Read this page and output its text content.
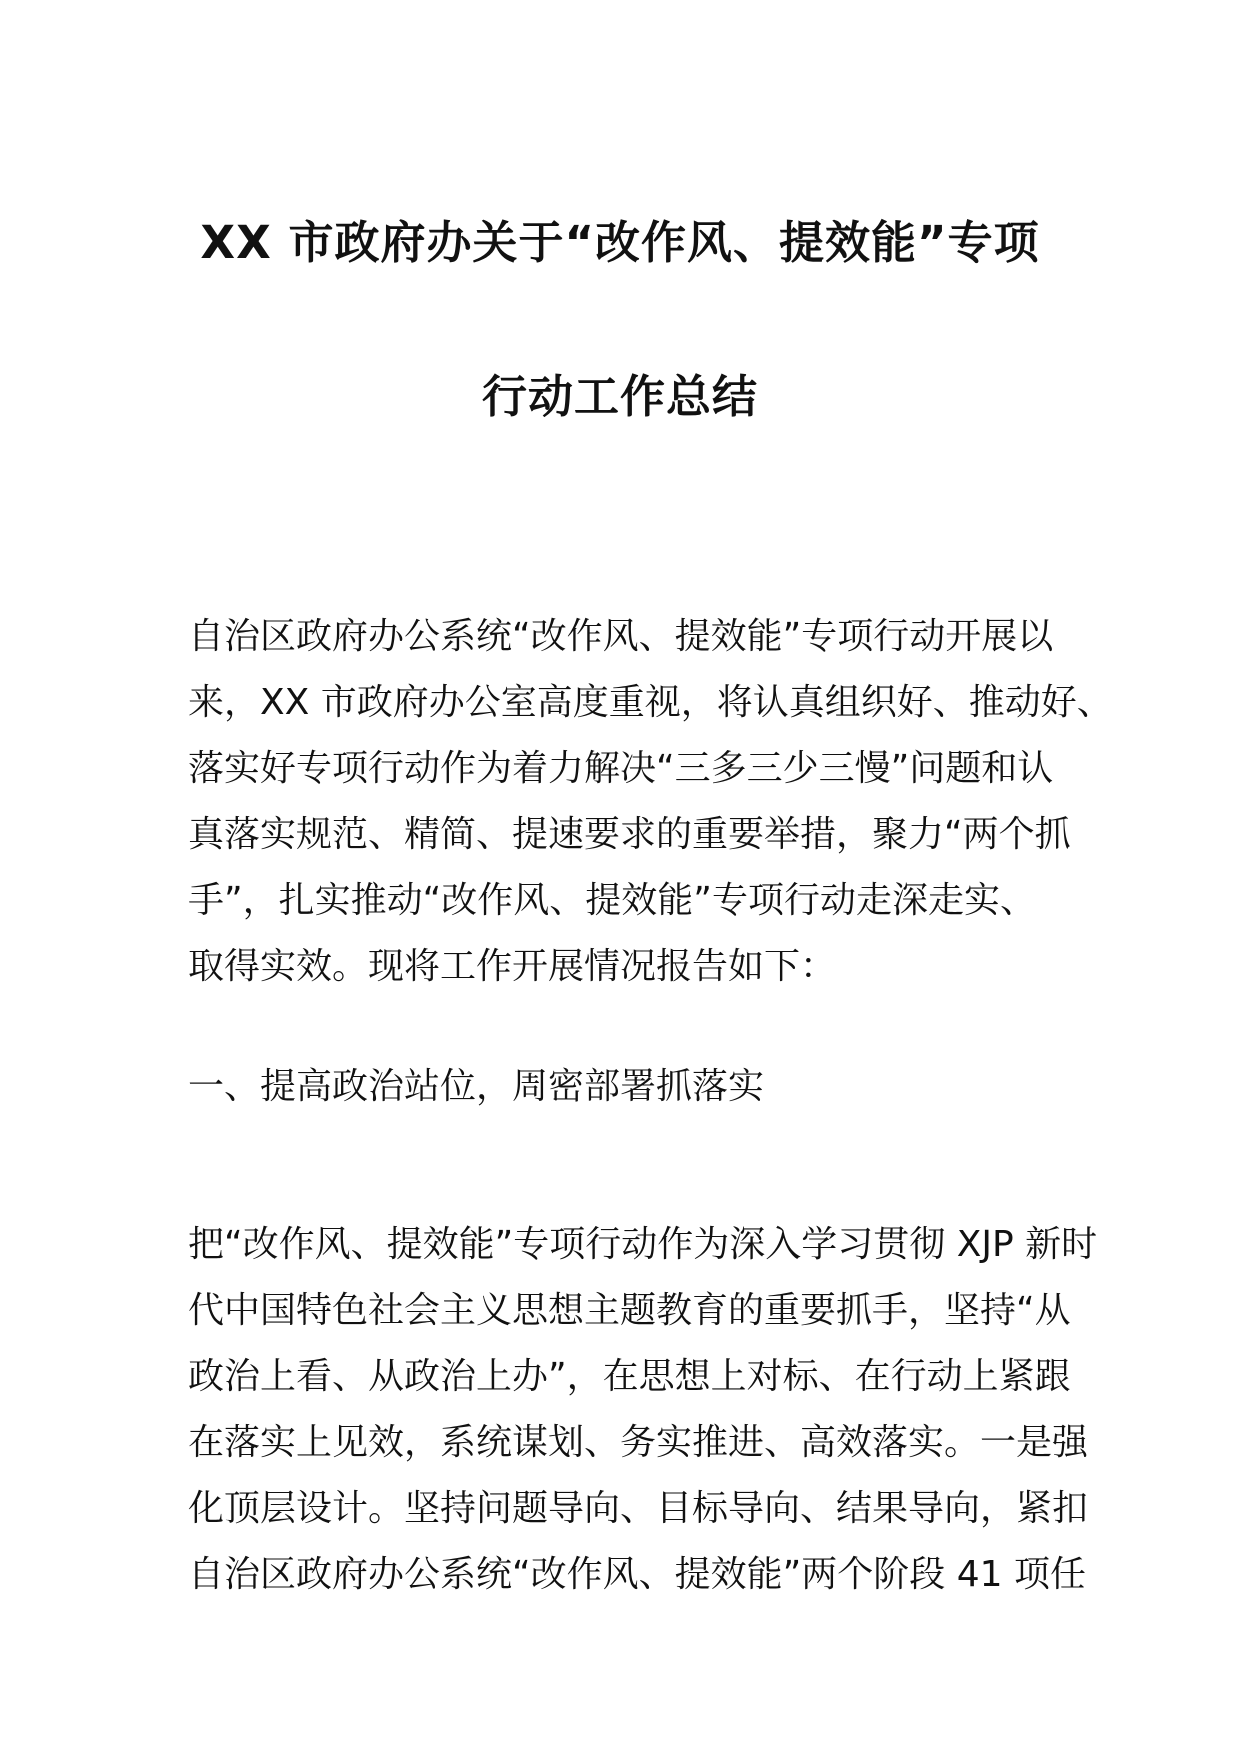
XX 市政府办关于“改作风、提效能”专项
行动工作总结
自治区政府办公系统“改作风、提效能”专项行动开展以
来，XX 市政府办公室高度重视，将认真组织好、推动好、
落实好专项行动作为着力解决“三多三少三慢”问题和认
真落实规范、精简、提速要求的重要举措，聚力“两个抓
手”，扎实推动“改作风、提效能”专项行动走深走实、
取得实效。现将工作开展情况报告如下：
一、提高政治站位，周密部署抓落实
把“改作风、提效能”专项行动作为深入学习贯彻 XJP 新时
代中国特色社会主义思想主题教育的重要抓手，坚持“从
政治上看、从政治上办”，在思想上对标、在行动上紧跟
在落实上见效，系统谋划、务实推进、高效落实。一是强
化顶层设计。坚持问题导向、目标导向、结果导向，紧扣
自治区政府办公系统“改作风、提效能”两个阶段 41 项任
